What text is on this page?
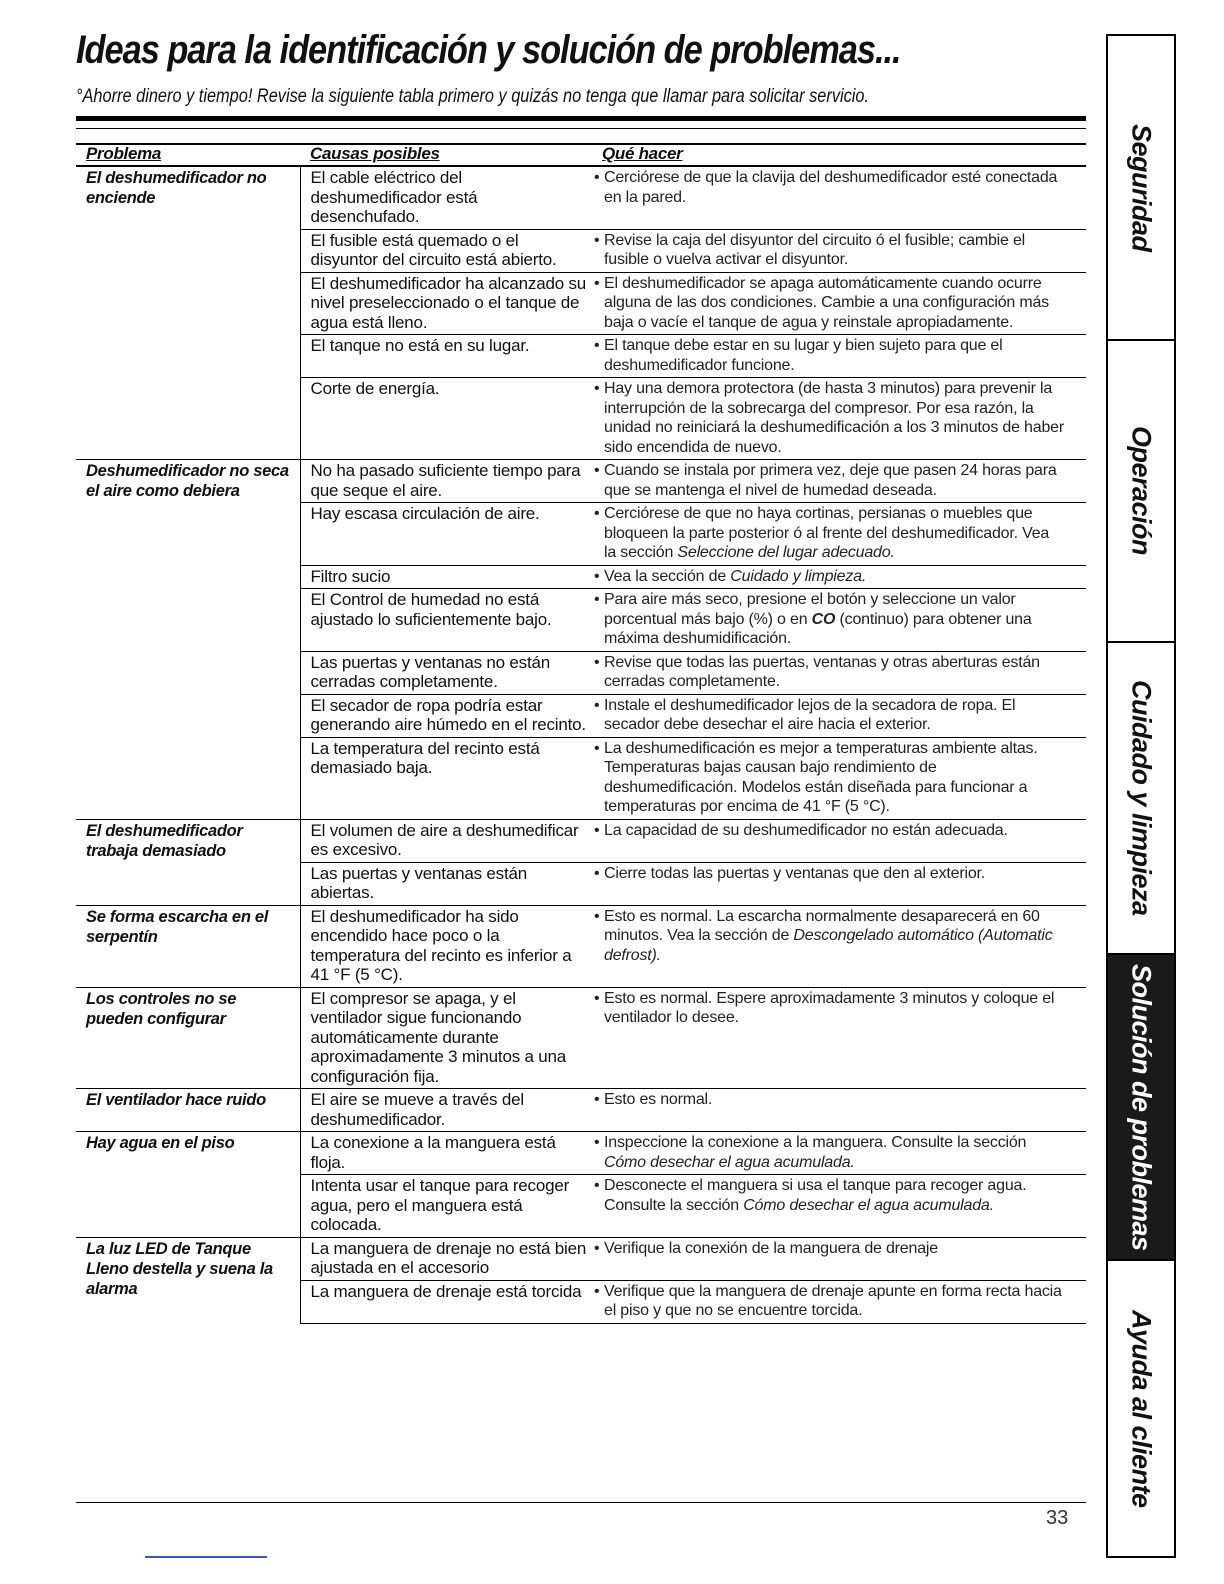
Ideas para la identificación y solución de problemas...
°Ahorre dinero y tiempo! Revise la siguiente tabla primero y quizás no tenga que llamar para solicitar servicio.
Problema	Causas posibles	Qué hacer
El deshumedificador no enciende	El cable eléctrico del deshumedificador está desenchufado.	• Cerciórese de que la clavija del deshumedificador esté conectada en la pared.
	El fusible está quemado o el disyuntor del circuito está abierto.	• Revise la caja del disyuntor del circuito ó el fusible; cambie el fusible o vuelva activar el disyuntor.
	El deshumedificador ha alcanzado su nivel preseleccionado o el tanque de agua está lleno.	• El deshumedificador se apaga automáticamente cuando ocurre alguna de las dos condiciones. Cambie a una configuración más baja o vacíe el tanque de agua y reinstale apropiadamente.
	El tanque no está en su lugar.	• El tanque debe estar en su lugar y bien sujeto para que el deshumedificador funcione.
	Corte de energía.	• Hay una demora protectora (de hasta 3 minutos) para prevenir la interrupción de la sobrecarga del compresor. Por esa razón, la unidad no reiniciará la deshumedificación a los 3 minutos de haber sido encendida de nuevo.
Deshumedificador no seca el aire como debiera	No ha pasado suficiente tiempo para que seque el aire.	• Cuando se instala por primera vez, deje que pasen 24 horas para que se mantenga el nivel de humedad deseada.
	Hay escasa circulación de aire.	• Cerciórese de que no haya cortinas, persianas o muebles que bloqueen la parte posterior ó al frente del deshumedificador. Vea la sección Seleccione del lugar adecuado.
	Filtro sucio	• Vea la sección de Cuidado y limpieza.
	El Control de humedad no está ajustado lo suficientemente bajo.	• Para aire más seco, presione el botón y seleccione un valor porcentual más bajo (%) o en CO (continuo) para obtener una máxima deshumidificación.
	Las puertas y ventanas no están cerradas completamente.	• Revise que todas las puertas, ventanas y otras aberturas están cerradas completamente.
	El secador de ropa podría estar generando aire húmedo en el recinto.	• Instale el deshumedificador lejos de la secadora de ropa. El secador debe desechar el aire hacia el exterior.
	La temperatura del recinto está demasiado baja.	• La deshumedificación es mejor a temperaturas ambiente altas. Temperaturas bajas causan bajo rendimiento de deshumedificación. Modelos están diseñada para funcionar a temperaturas por encima de 41 °F (5 °C).
El deshumedificador trabaja demasiado	El volumen de aire a deshumedificar es excesivo.	• La capacidad de su deshumedificador no están adecuada.
	Las puertas y ventanas están abiertas.	• Cierre todas las puertas y ventanas que den al exterior.
Se forma escarcha en el serpentín	El deshumedificador ha sido encendido hace poco o la temperatura del recinto es inferior a 41 °F (5 °C).	• Esto es normal. La escarcha normalmente desaparecerá en 60 minutos. Vea la sección de Descongelado automático (Automatic defrost).
Los controles no se pueden configurar	El compresor se apaga, y el ventilador sigue funcionando automáticamente durante aproximadamente 3 minutos a una configuración fija.	• Esto es normal. Espere aproximadamente 3 minutos y coloque el ventilador lo desee.
El ventilador hace ruido	El aire se mueve a través del deshumedificador.	• Esto es normal.
Hay agua en el piso	La conexione a la manguera está floja.	• Inspeccione la conexione a la manguera. Consulte la sección Cómo desechar el agua acumulada.
	Intenta usar el tanque para recoger agua, pero el manguera está colocada.	• Desconecte el manguera si usa el tanque para recoger agua. Consulte la sección Cómo desechar el agua acumulada.
La luz LED de Tanque Lleno destella y suena la alarma	La manguera de drenaje no está bien ajustada en el accesorio	• Verifique la conexión de la manguera de drenaje
	La manguera de drenaje está torcida	• Verifique que la manguera de drenaje apunte en forma recta hacia el piso y que no se encuentre torcida.
33
Seguridad
Operación
Cuidado y limpieza
Solución de problemas
Ayuda al cliente
